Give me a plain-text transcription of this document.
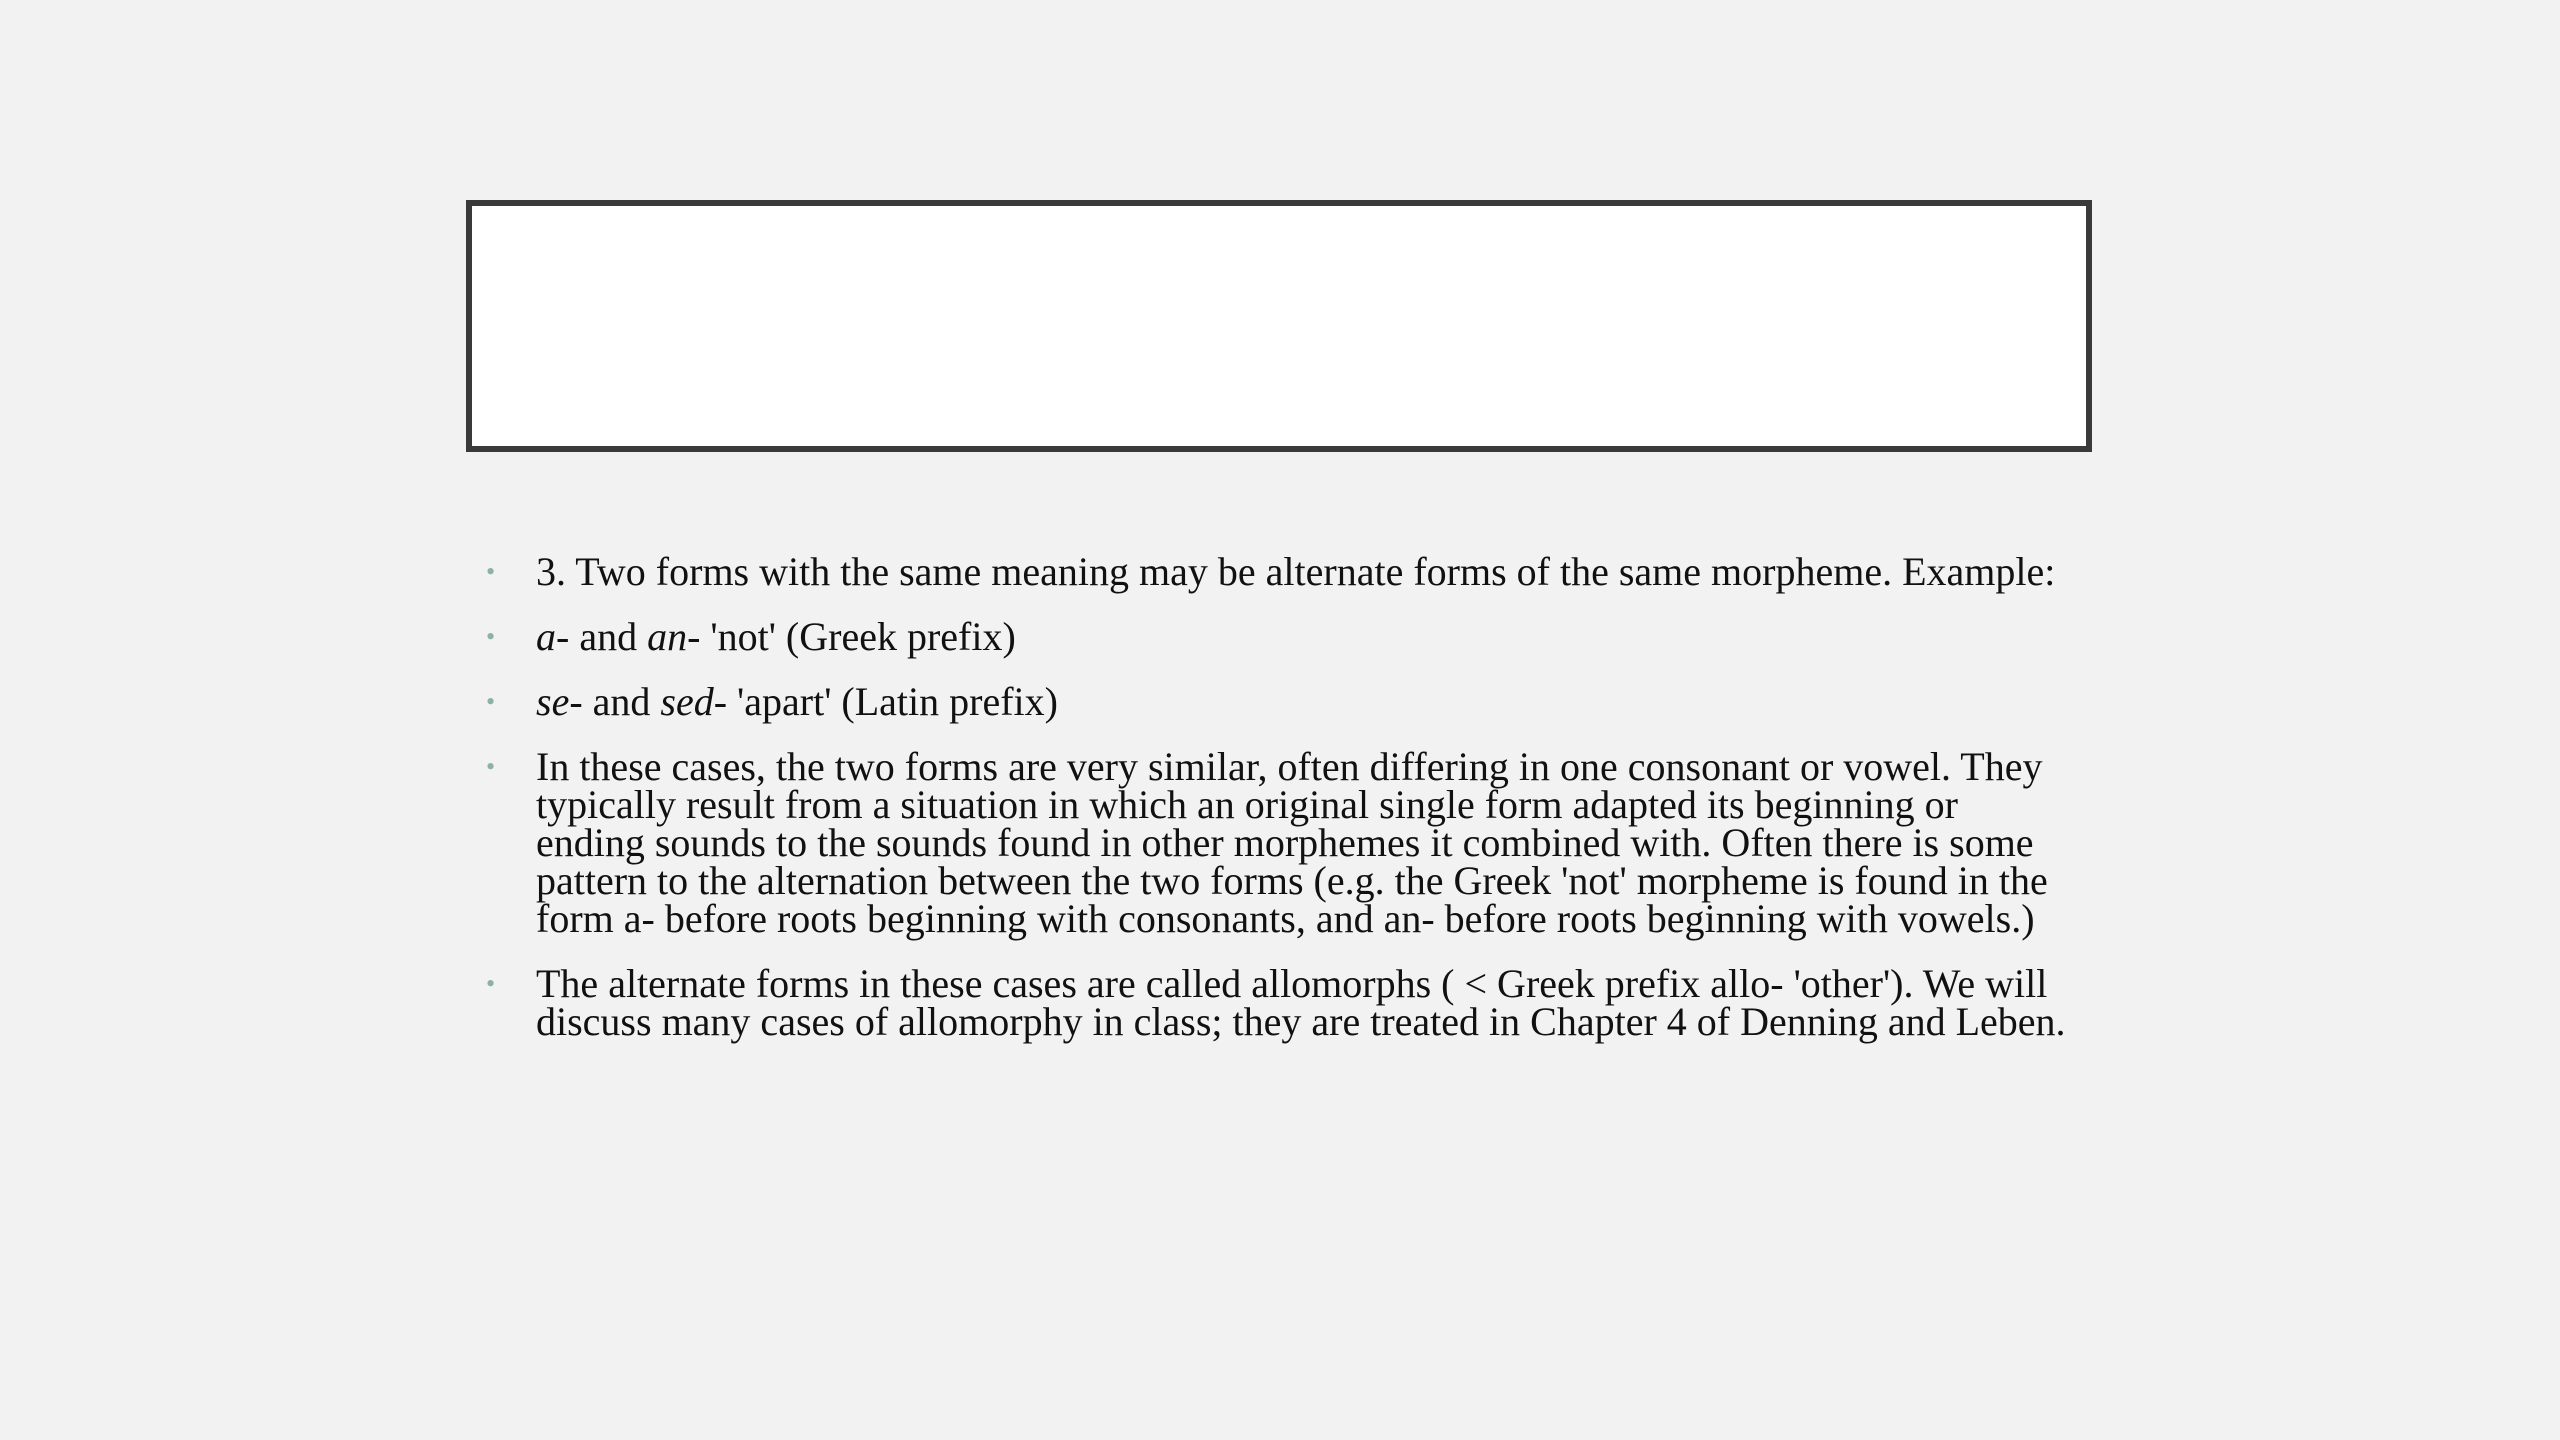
•	3. Two forms with the same meaning may be alternate forms of the same morpheme. Example:
•	a- and an- 'not' (Greek prefix)
•	se- and sed- 'apart' (Latin prefix)
•	In these cases, the two forms are very similar, often differing in one consonant or vowel. They typically result from a situation in which an original single form adapted its beginning or ending sounds to the sounds found in other morphemes it combined with. Often there is some pattern to the alternation between the two forms (e.g. the Greek 'not' morpheme is found in the form a- before roots beginning with consonants, and an- before roots beginning with vowels.)
•	The alternate forms in these cases are called allomorphs ( < Greek prefix allo- 'other'). We will discuss many cases of allomorphy in class; they are treated in Chapter 4 of Denning and Leben.
